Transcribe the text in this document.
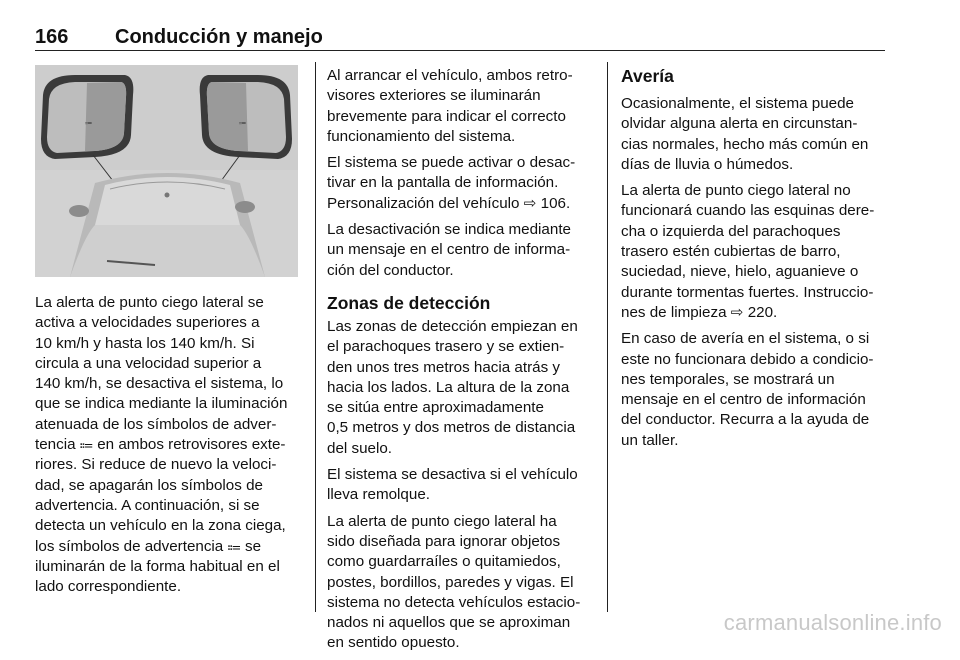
166 Conducción y manejo
⩴	⩴

La alerta de punto ciego lateral se
activa a velocidades superiores a
10 km/h y hasta los 140 km/h. Si
circula a una velocidad superior a
140 km/h, se desactiva el sistema, lo
que se indica mediante la iluminación
atenuada de los símbolos de adver-
tencia ⩴ en ambos retrovisores exte-
riores. Si reduce de nuevo la veloci-
dad, se apagarán los símbolos de
advertencia. A continuación, si se
detecta un vehículo en la zona ciega,
los símbolos de advertencia ⩴ se
iluminarán de la forma habitual en el
lado correspondiente.

Al arrancar el vehículo, ambos retro-
visores exteriores se iluminarán
brevemente para indicar el correcto
funcionamiento del sistema.

El sistema se puede activar o desac-
tivar en la pantalla de información.
Personalización del vehículo ⇨ 106.

La desactivación se indica mediante
un mensaje en el centro de informa-
ción del conductor.

Zonas de detección

Las zonas de detección empiezan en
el parachoques trasero y se extien-
den unos tres metros hacia atrás y
hacia los lados. La altura de la zona
se sitúa entre aproximadamente
0,5 metros y dos metros de distancia
del suelo.

El sistema se desactiva si el vehículo
lleva remolque.

La alerta de punto ciego lateral ha
sido diseñada para ignorar objetos
como guardarraíles o quitamiedos,
postes, bordillos, paredes y vigas. El
sistema no detecta vehículos estacio-
nados ni aquellos que se aproximan
en sentido opuesto.

Avería

Ocasionalmente, el sistema puede
olvidar alguna alerta en circunstan-
cias normales, hecho más común en
días de lluvia o húmedos.

La alerta de punto ciego lateral no
funcionará cuando las esquinas dere-
cha o izquierda del parachoques
trasero estén cubiertas de barro,
suciedad, nieve, hielo, aguanieve o
durante tormentas fuertes. Instruccio-
nes de limpieza ⇨ 220.

En caso de avería en el sistema, o si
este no funcionara debido a condicio-
nes temporales, se mostrará un
mensaje en el centro de información
del conductor. Recurra a la ayuda de
un taller.

carmanualsonline.info
